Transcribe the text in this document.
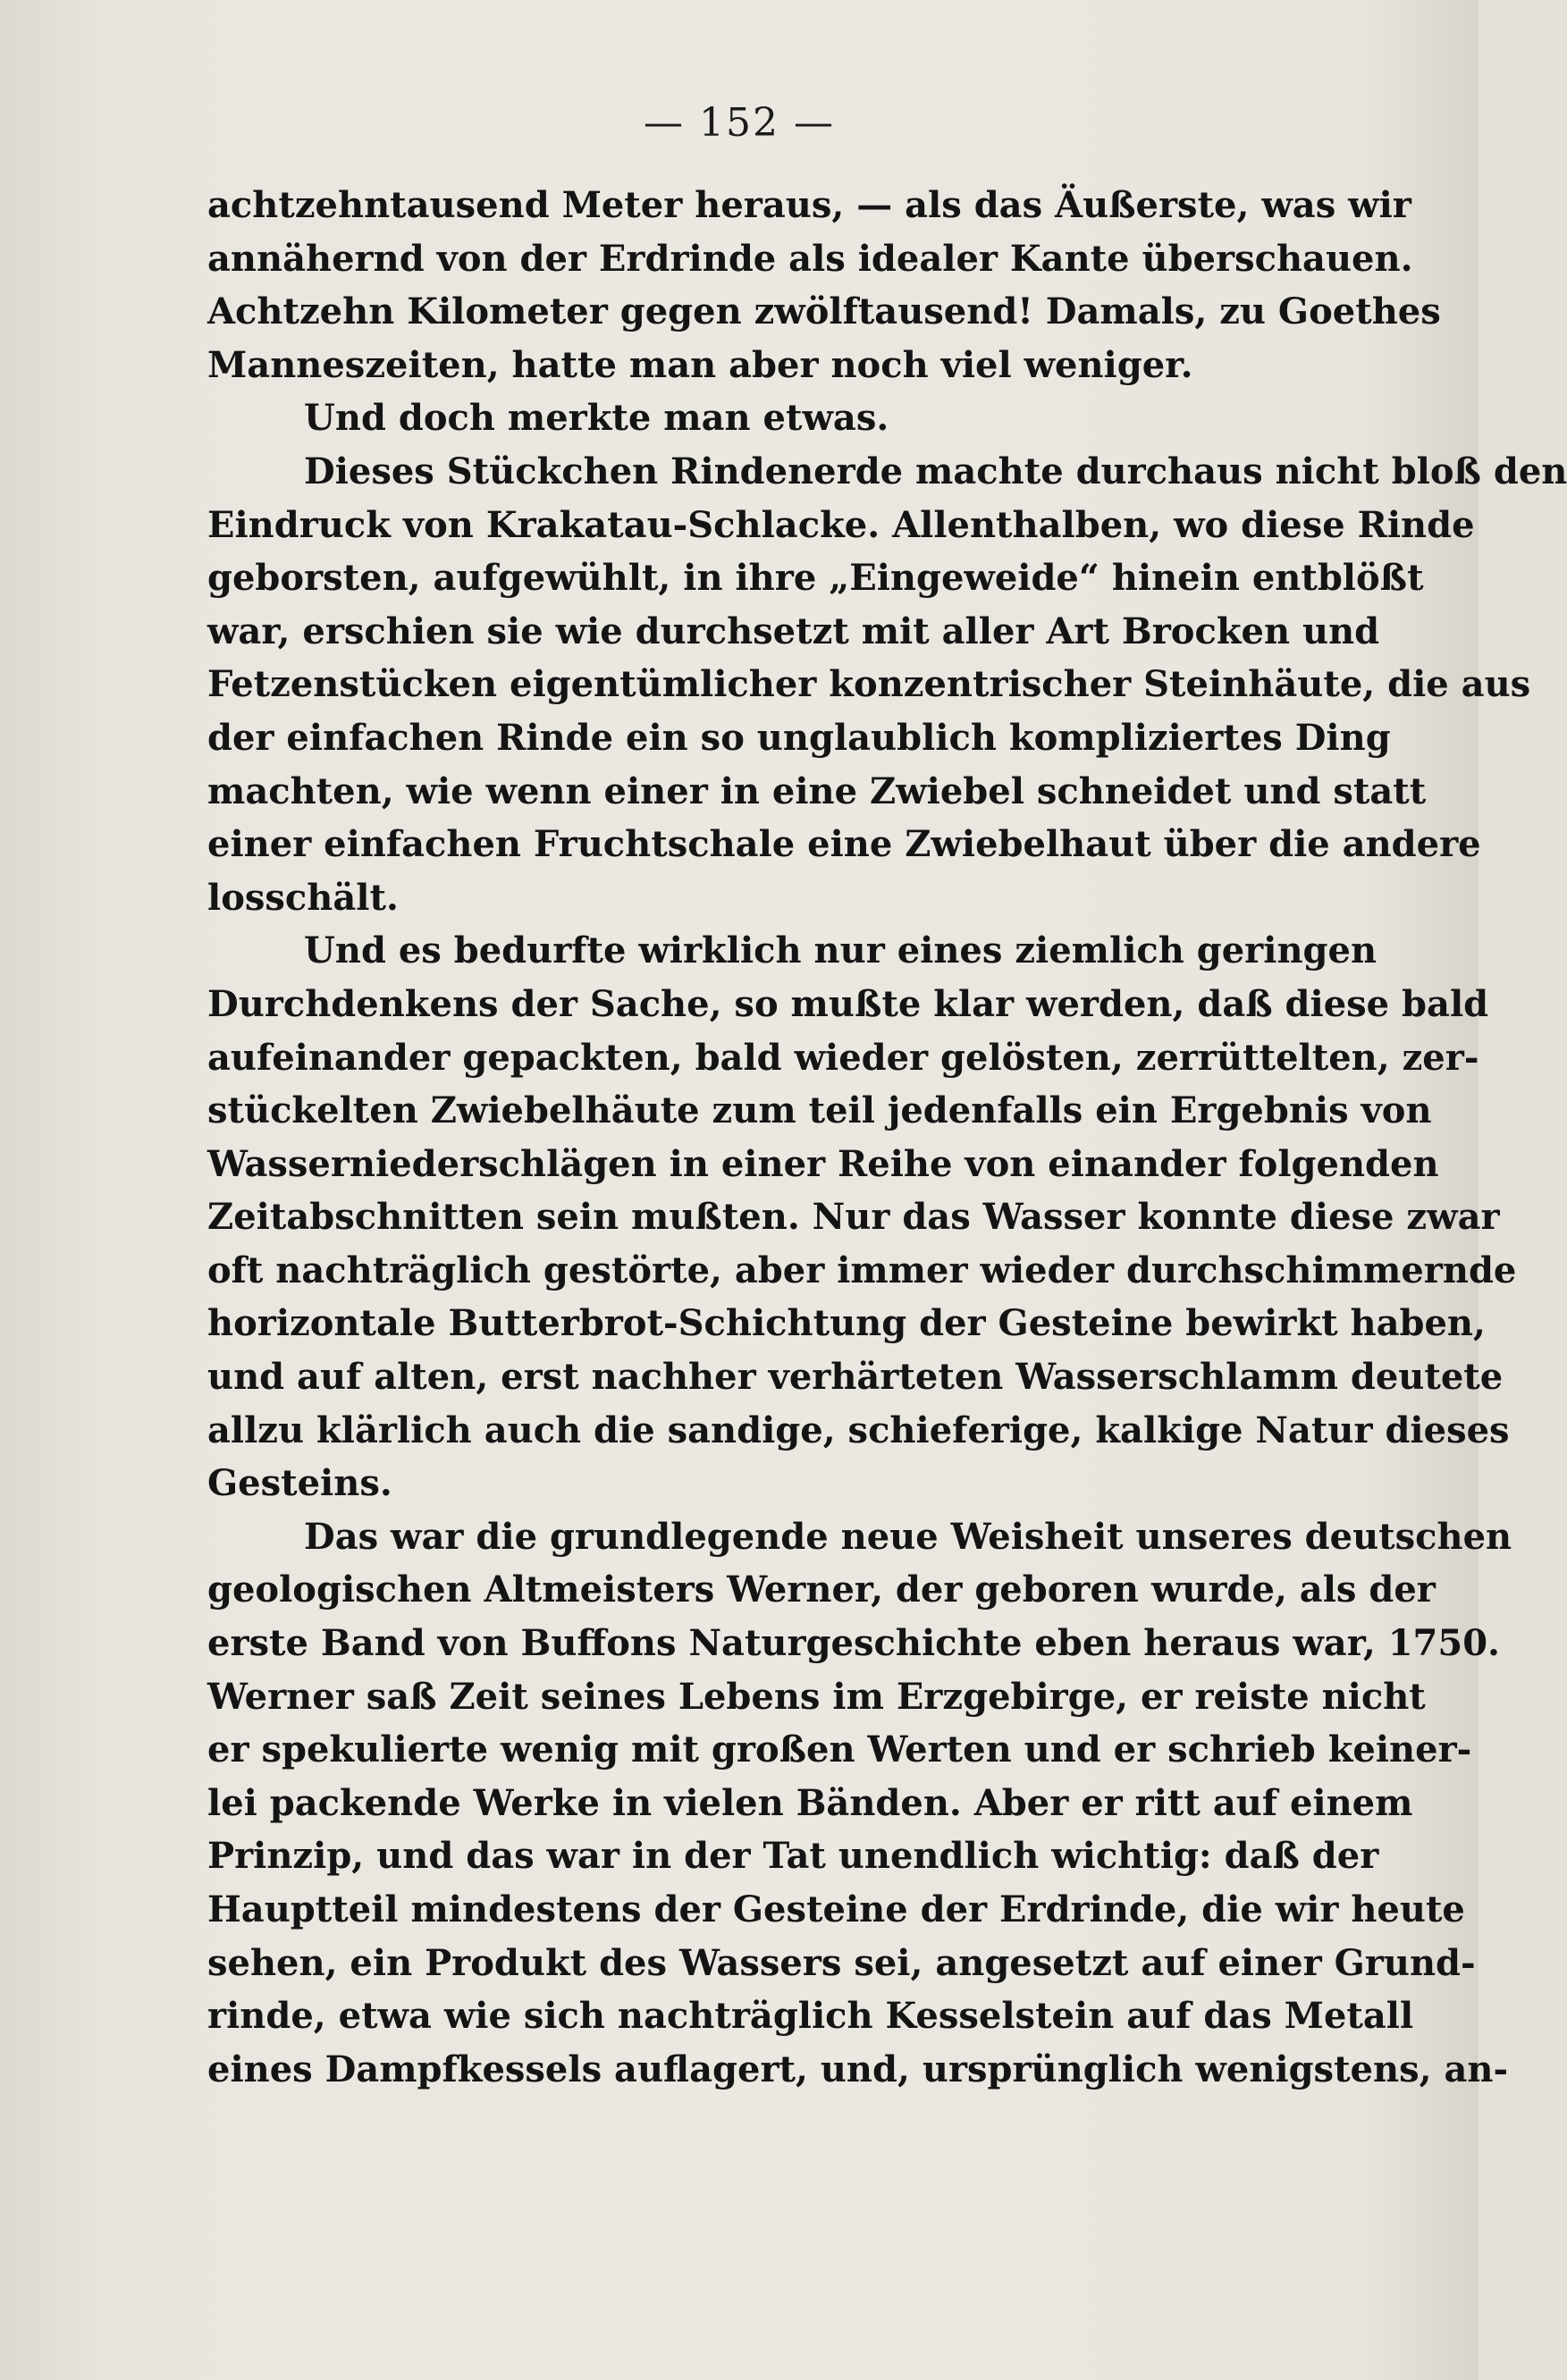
— 152 —
achtzehntausend Meter heraus, — als das Äußerste, was wir
annähernd von der Erdrinde als idealer Kante überschauen.
Achtzehn Kilometer gegen zwölftausend! Damals, zu Goethes
Manneszeiten, hatte man aber noch viel weniger.
Und doch merkte man etwas.
Dieses Stückchen Rindenerde machte durchaus nicht bloß den
Eindruck von Krakatau-Schlacke. Allenthalben, wo diese Rinde
geborsten, aufgewühlt, in ihre „Eingeweide“ hinein entblößt
war, erschien sie wie durchsetzt mit aller Art Brocken und
Fetzenstücken eigentümlicher konzentrischer Steinhäute, die aus
der einfachen Rinde ein so unglaublich kompliziertes Ding
machten, wie wenn einer in eine Zwiebel schneidet und statt
einer einfachen Fruchtschale eine Zwiebelhaut über die andere
losschält.
Und es bedurfte wirklich nur eines ziemlich geringen
Durchdenkens der Sache, so mußte klar werden, daß diese bald
aufeinander gepackten, bald wieder gelösten, zerrüttelten, zer-
stückelten Zwiebelhäute zum teil jedenfalls ein Ergebnis von
Wasserniederschlägen in einer Reihe von einander folgenden
Zeitabschnitten sein mußten. Nur das Wasser konnte diese zwar
oft nachträglich gestörte, aber immer wieder durchschimmernde
horizontale Butterbrot-Schichtung der Gesteine bewirkt haben,
und auf alten, erst nachher verhärteten Wasserschlamm deutete
allzu klärlich auch die sandige, schieferige, kalkige Natur dieses
Gesteins.
Das war die grundlegende neue Weisheit unseres deutschen
geologischen Altmeisters Werner, der geboren wurde, als der
erste Band von Buffons Naturgeschichte eben heraus war, 1750.
Werner saß Zeit seines Lebens im Erzgebirge, er reiste nicht
er spekulierte wenig mit großen Werten und er schrieb keiner-
lei packende Werke in vielen Bänden. Aber er ritt auf einem
Prinzip, und das war in der Tat unendlich wichtig: daß der
Hauptteil mindestens der Gesteine der Erdrinde, die wir heute
sehen, ein Produkt des Wassers sei, angesetzt auf einer Grund-
rinde, etwa wie sich nachträglich Kesselstein auf das Metall
eines Dampfkessels auflagert, und, ursprünglich wenigstens, an-
